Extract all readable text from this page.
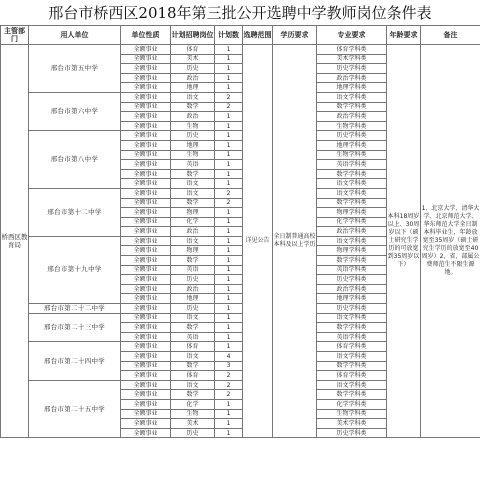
邢台市桥西区2018年第三批公开选聘中学教师岗位条件表
主管部门	用人单位	单位性质	计划招聘岗位	计划数	选聘范围	学历要求	专业要求	年龄要求	备注
桥西区教育局	邢台市第五中学	全额事业	体育	1	详见公告	全日制普通高校本科及以上学历	体育学科类	本科18周岁以上、30周岁以下（硕士研究生学历的可放宽到35周岁以下）	1、北京大学、清华大学、北京师范大学、华东师范大学全日制本科毕业生，年龄放宽至35周岁（硕士研究生学历的放宽至40周岁）2、省、部属公费师范生不限生源地。
		全额事业	美术	1			美术学科类		
		全额事业	历史	1			历史学科类		
		全额事业	政治	1			政治学科类		
		全额事业	地理	1			地理学科类		
	邢台市第六中学	全额事业	语文	2			语文学科类		
		全额事业	数学	2			数学学科类		
		全额事业	政治	1			政治学科类		
		全额事业	生物	1			生物学科类		
	邢台市第八中学	全额事业	历史	1			历史学科类		
		全额事业	地理	1			地理学科类		
		全额事业	生物	1			生物学科类		
		全额事业	英语	1			英语学科类		
		全额事业	数学	1			数学学科类		
		全额事业	语文	1			语文学科类		
	邢台市第十二中学	全额事业	语文	2			语文学科类		
		全额事业	数学	2			数学学科类		
		全额事业	物理	1			物理学科类		
		全额事业	化学	1			化学学科类		
		全额事业	政治	1			政治学科类		
	邢台市第十九中学	全额事业	语文	1			语文学科类		
		全额事业	物理	1			物理学科类		
		全额事业	数学	1			数学学科类		
		全额事业	英语	1			英语学科类		
		全额事业	历史	1			历史学科类		
		全额事业	政治	1			政治学科类		
		全额事业	地理	1			地理学科类		
	邢台市第二十二中学	全额事业	历史	1			历史学科类		
	邢台市第二十三中学	全额事业	语文	1			语文学科类		
		全额事业	数学	1			数学学科类		
		全额事业	英语	1			英语学科类		
	邢台市第二十四中学	全额事业	体育	1			体育学科类		
		全额事业	语文	4			语文学科类		
		全额事业	数学	3			数学学科类		
		全额事业	体育	2			体育学科类		
	邢台市第二十五中学	全额事业	语文	2			语文学科类		
		全额事业	数学	2			数学学科类		
		全额事业	化学	1			化学学科类		
		全额事业	生物	1			生物学科类		
		全额事业	美术	1			美术学科类		
		全额事业	历史	1			历史学科类		
